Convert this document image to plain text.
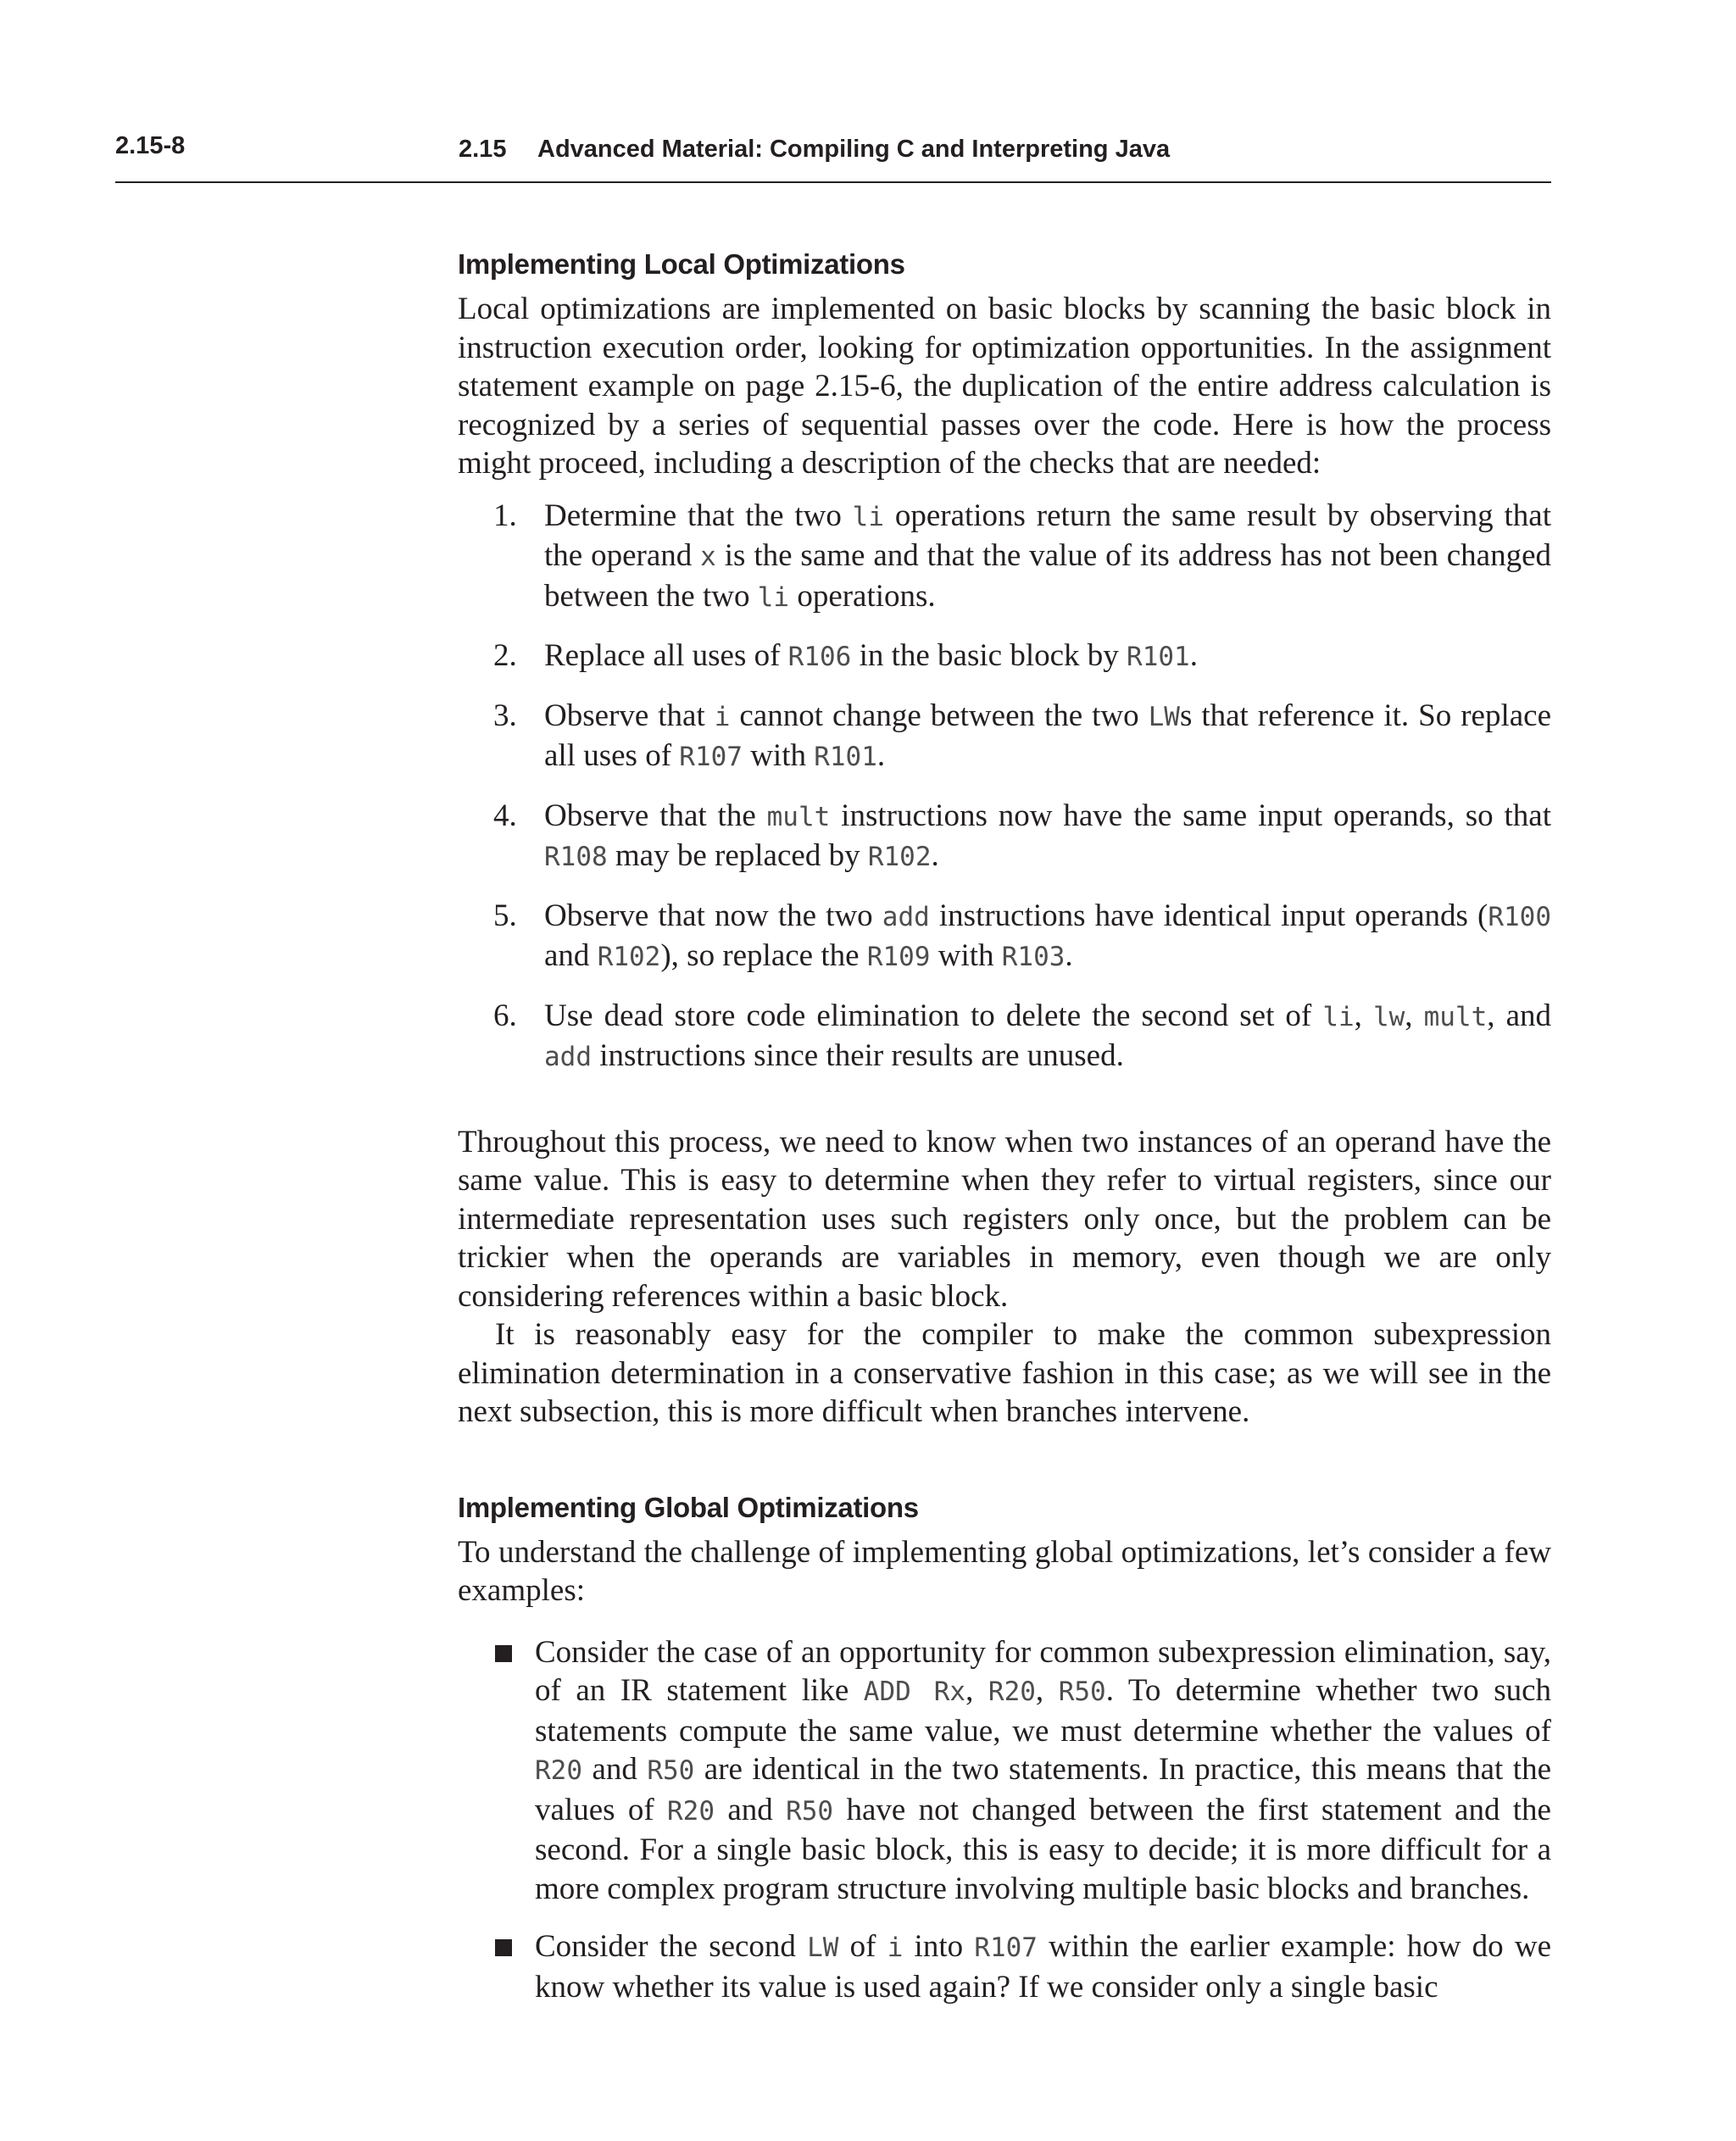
2.15-8	2.15 Advanced Material: Compiling C and Interpreting Java
Implementing Local Optimizations

Local optimizations are implemented on basic blocks by scanning the basic block in instruction execution order, looking for optimization opportunities. In the assignment statement example on page 2.15-6, the duplication of the entire address calculation is recognized by a series of sequential passes over the code. Here is how the process might proceed, including a description of the checks that are needed:

1. Determine that the two li operations return the same result by observing that the operand x is the same and that the value of its address has not been changed between the two li operations.
2. Replace all uses of R106 in the basic block by R101.
3. Observe that i cannot change between the two LWs that reference it. So replace all uses of R107 with R101.
4. Observe that the mult instructions now have the same input operands, so that R108 may be replaced by R102.
5. Observe that now the two add instructions have identical input operands (R100 and R102), so replace the R109 with R103.
6. Use dead store code elimination to delete the second set of li, lw, mult, and add instructions since their results are unused.

Throughout this process, we need to know when two instances of an operand have the same value. This is easy to determine when they refer to virtual registers, since our intermediate representation uses such registers only once, but the problem can be trickier when the operands are variables in memory, even though we are only considering references within a basic block.

It is reasonably easy for the compiler to make the common subexpression elimination determination in a conservative fashion in this case; as we will see in the next subsection, this is more difficult when branches intervene.

Implementing Global Optimizations

To understand the challenge of implementing global optimizations, let’s consider a few examples:

Consider the case of an opportunity for common subexpression elimination, say, of an IR statement like ADD Rx, R20, R50. To determine whether two such statements compute the same value, we must determine whether the values of R20 and R50 are identical in the two statements. In practice, this means that the values of R20 and R50 have not changed between the first statement and the second. For a single basic block, this is easy to decide; it is more difficult for a more complex program structure involving multiple basic blocks and branches.
Consider the second LW of i into R107 within the earlier example: how do we know whether its value is used again? If we consider only a single basic
